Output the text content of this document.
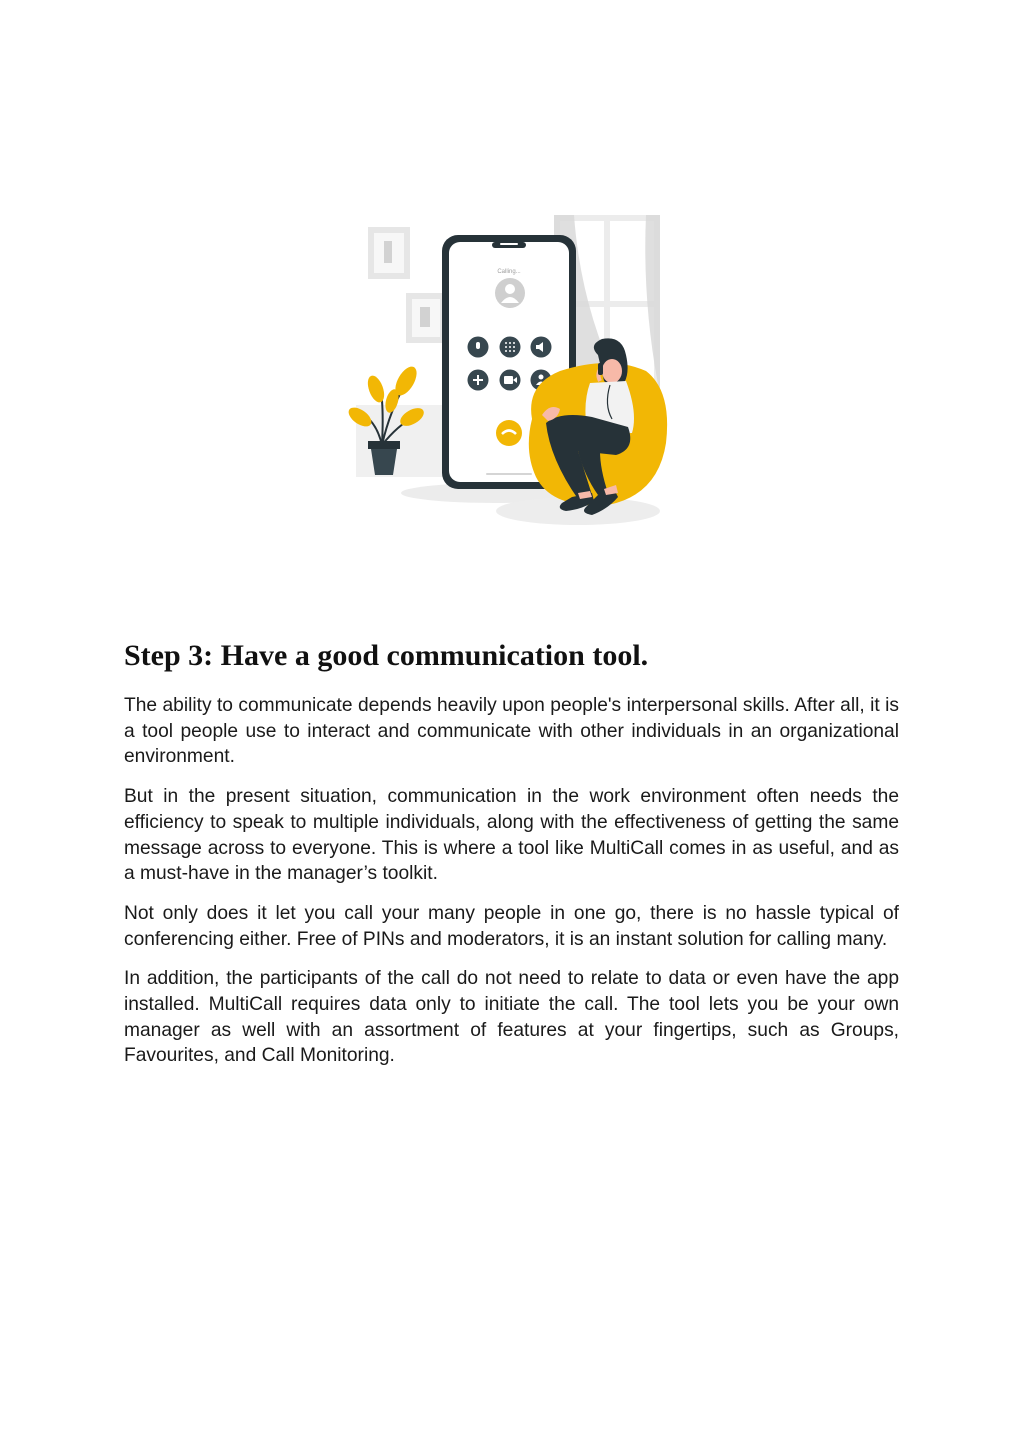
Calling...
Step 3: Have a good communication tool.

The ability to communicate depends heavily upon people's interpersonal skills. After all, it is a tool people use to interact and communicate with other individuals in an organizational environment.

But in the present situation, communication in the work environment often needs the efficiency to speak to multiple individuals, along with the effectiveness of getting the same message across to everyone. This is where a tool like MultiCall comes in as useful, and as a must-have in the manager’s toolkit.

Not only does it let you call your many people in one go, there is no hassle typical of conferencing either. Free of PINs and moderators, it is an instant solution for calling many.

In addition, the participants of the call do not need to relate to data or even have the app installed. MultiCall requires data only to initiate the call. The tool lets you be your own manager as well with an assortment of features at your fingertips, such as Groups, Favourites, and Call Monitoring.
